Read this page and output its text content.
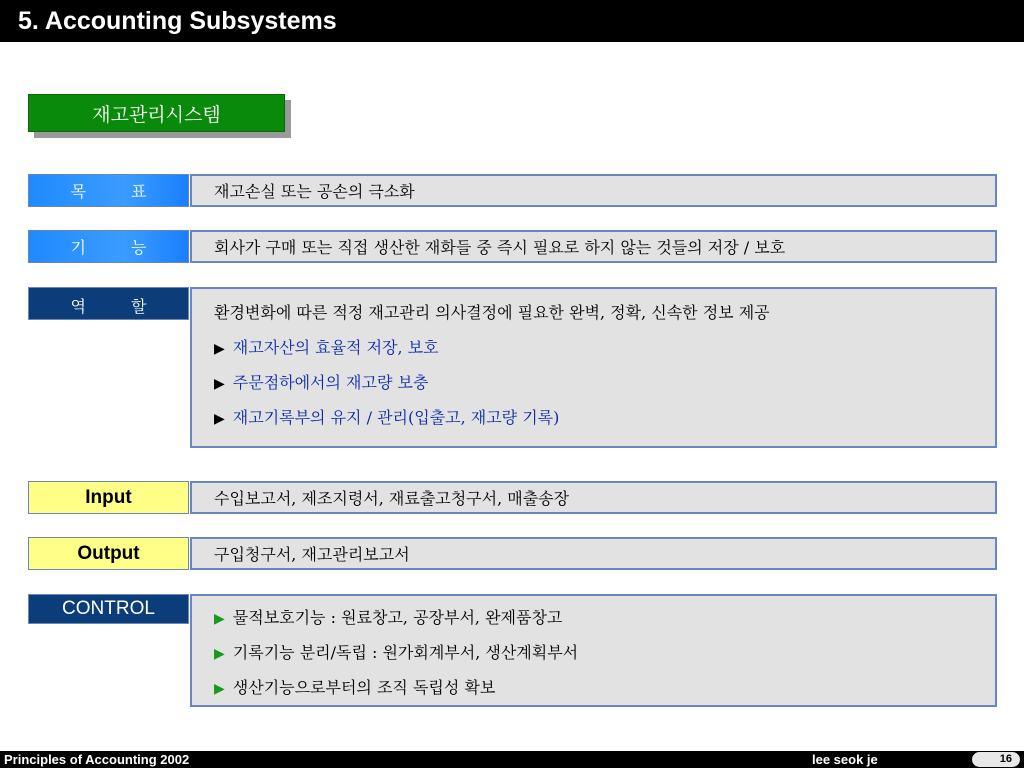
5. Accounting Subsystems
재고관리시스템
목 표	재고손실 또는 공손의 극소화
기 능	회사가 구매 또는 직접 생산한 재화들 중 즉시 필요로 하지 않는 것들의 저장 / 보호
역 할	환경변화에 따른 적정 재고관리 의사결정에 필요한 완벽, 정확, 신속한 정보 제공
▶ 재고자산의 효율적 저장, 보호
▶ 주문점하에서의 재고량 보충
▶ 재고기록부의 유지 / 관리(입출고, 재고량 기록)
Input	수입보고서, 제조지령서, 재료출고청구서, 매출송장
Output	구입청구서, 재고관리보고서
CONTROL	▶ 물적보호기능 : 원료창고, 공장부서, 완제품창고
▶ 기록기능 분리/독립 : 원가회계부서, 생산계획부서
▶ 생산기능으로부터의 조직 독립성 확보
Principles of Accounting 2002	lee seok je	16
